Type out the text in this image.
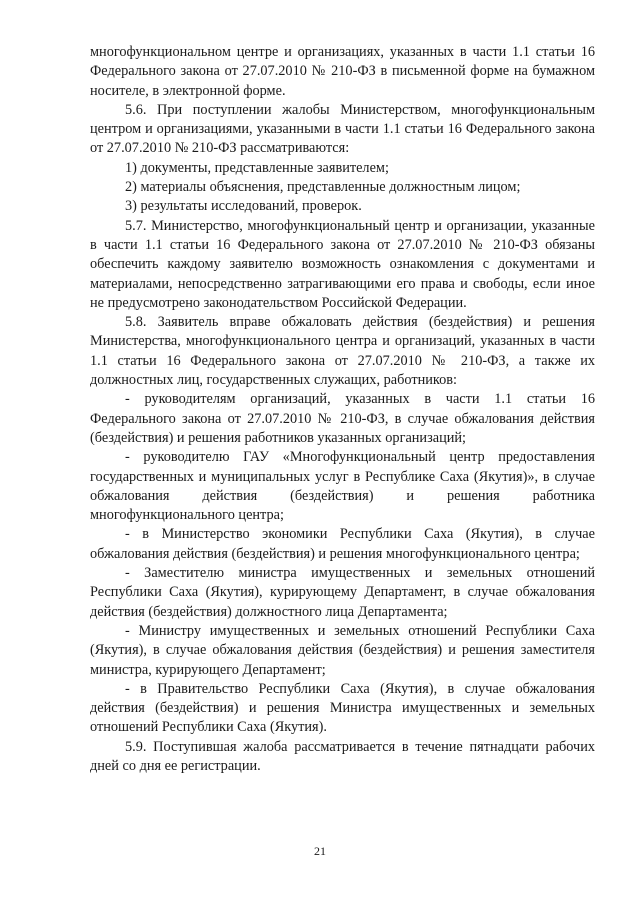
многофункциональном центре и организациях, указанных в части 1.1 статьи 16 Федерального закона от 27.07.2010 № 210-ФЗ в письменной форме на бумажном носителе, в электронной форме.

5.6. При поступлении жалобы Министерством, многофункциональным центром и организациями, указанными в части 1.1 статьи 16 Федерального закона от 27.07.2010 № 210-ФЗ рассматриваются:

1) документы, представленные заявителем;

2) материалы объяснения, представленные должностным лицом;

3) результаты исследований, проверок.

5.7. Министерство, многофункциональный центр и организации, указанные в части 1.1 статьи 16 Федерального закона от 27.07.2010 № 210-ФЗ обязаны обеспечить каждому заявителю возможность ознакомления с документами и материалами, непосредственно затрагивающими его права и свободы, если иное не предусмотрено законодательством Российской Федерации.

5.8. Заявитель вправе обжаловать действия (бездействия) и решения Министерства, многофункционального центра и организаций, указанных в части 1.1 статьи 16 Федерального закона от 27.07.2010 № 210-ФЗ, а также их должностных лиц, государственных служащих, работников:

- руководителям организаций, указанных в части 1.1 статьи 16 Федерального закона от 27.07.2010 № 210-ФЗ, в случае обжалования действия (бездействия) и решения работников указанных организаций;

- руководителю ГАУ «Многофункциональный центр предоставления государственных и муниципальных услуг в Республике Саха (Якутия)», в случае обжалования действия (бездействия) и решения работника многофункционального центра;

- в Министерство экономики Республики Саха (Якутия), в случае обжалования действия (бездействия) и решения многофункционального центра;

- Заместителю министра имущественных и земельных отношений Республики Саха (Якутия), курирующему Департамент, в случае обжалования действия (бездействия) должностного лица Департамента;

- Министру имущественных и земельных отношений Республики Саха (Якутия), в случае обжалования действия (бездействия) и решения заместителя министра, курирующего Департамент;

- в Правительство Республики Саха (Якутия), в случае обжалования действия (бездействия) и решения Министра имущественных и земельных отношений Республики Саха (Якутия).

5.9. Поступившая жалоба рассматривается в течение пятнадцати рабочих дней со дня ее регистрации.

21
